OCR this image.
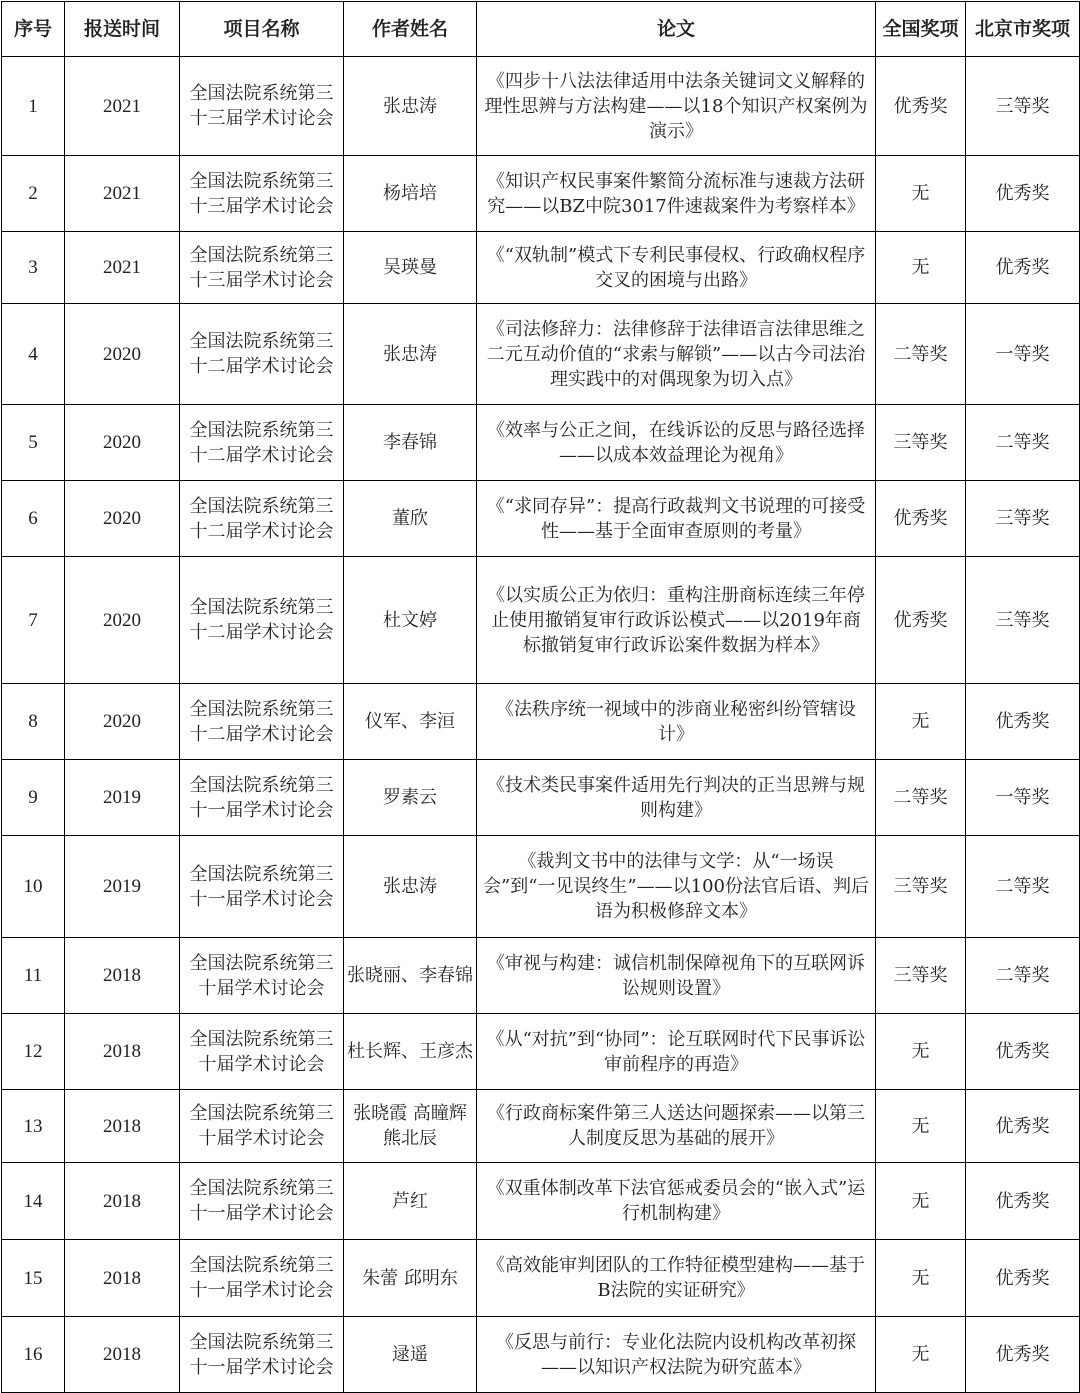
序号	报送时间	项目名称	作者姓名	论文	全国奖项	北京市奖项
1	2021	全国法院系统第三十三届学术讨论会	张忠涛	《四步十八法法律适用中法条关键词文义解释的理性思辨与方法构建——以18个知识产权案例为演示》	优秀奖	三等奖
2	2021	全国法院系统第三十三届学术讨论会	杨培培	《知识产权民事案件繁简分流标准与速裁方法研究——以BZ中院3017件速裁案件为考察样本》	无	优秀奖
3	2021	全国法院系统第三十三届学术讨论会	吴瑛曼	《“双轨制”模式下专利民事侵权、行政确权程序交叉的困境与出路》	无	优秀奖
4	2020	全国法院系统第三十二届学术讨论会	张忠涛	《司法修辞力：法律修辞于法律语言法律思维之二元互动价值的“求索与解锁”——以古今司法治理实践中的对偶现象为切入点》	二等奖	一等奖
5	2020	全国法院系统第三十二届学术讨论会	李春锦	《效率与公正之间，在线诉讼的反思与路径选择——以成本效益理论为视角》	三等奖	二等奖
6	2020	全国法院系统第三十二届学术讨论会	董欣	《“求同存异”：提高行政裁判文书说理的可接受性——基于全面审查原则的考量》	优秀奖	三等奖
7	2020	全国法院系统第三十二届学术讨论会	杜文婷	《以实质公正为依归：重构注册商标连续三年停止使用撤销复审行政诉讼模式——以2019年商标撤销复审行政诉讼案件数据为样本》	优秀奖	三等奖
8	2020	全国法院系统第三十二届学术讨论会	仪军、李洹	《法秩序统一视域中的涉商业秘密纠纷管辖设计》	无	优秀奖
9	2019	全国法院系统第三十一届学术讨论会	罗素云	《技术类民事案件适用先行判决的正当思辨与规则构建》	二等奖	一等奖
10	2019	全国法院系统第三十一届学术讨论会	张忠涛	《裁判文书中的法律与文学：从“一场误会”到“一见误终生”——以100份法官后语、判后语为积极修辞文本》	三等奖	二等奖
11	2018	全国法院系统第三十届学术讨论会	张晓丽、李春锦	《审视与构建：诚信机制保障视角下的互联网诉讼规则设置》	三等奖	二等奖
12	2018	全国法院系统第三十届学术讨论会	杜长辉、王彦杰	《从“对抗”到“协同”：论互联网时代下民事诉讼审前程序的再造》	无	优秀奖
13	2018	全国法院系统第三十届学术讨论会	张晓霞 高瞳辉 熊北辰	《行政商标案件第三人送达问题探索——以第三人制度反思为基础的展开》	无	优秀奖
14	2018	全国法院系统第三十一届学术讨论会	芦红	《双重体制改革下法官惩戒委员会的“嵌入式”运行机制构建》	无	优秀奖
15	2018	全国法院系统第三十一届学术讨论会	朱蕾 邱明东	《高效能审判团队的工作特征模型建构——基于B法院的实证研究》	无	优秀奖
16	2018	全国法院系统第三十一届学术讨论会	逯遥	《反思与前行：专业化法院内设机构改革初探——以知识产权法院为研究蓝本》	无	优秀奖
